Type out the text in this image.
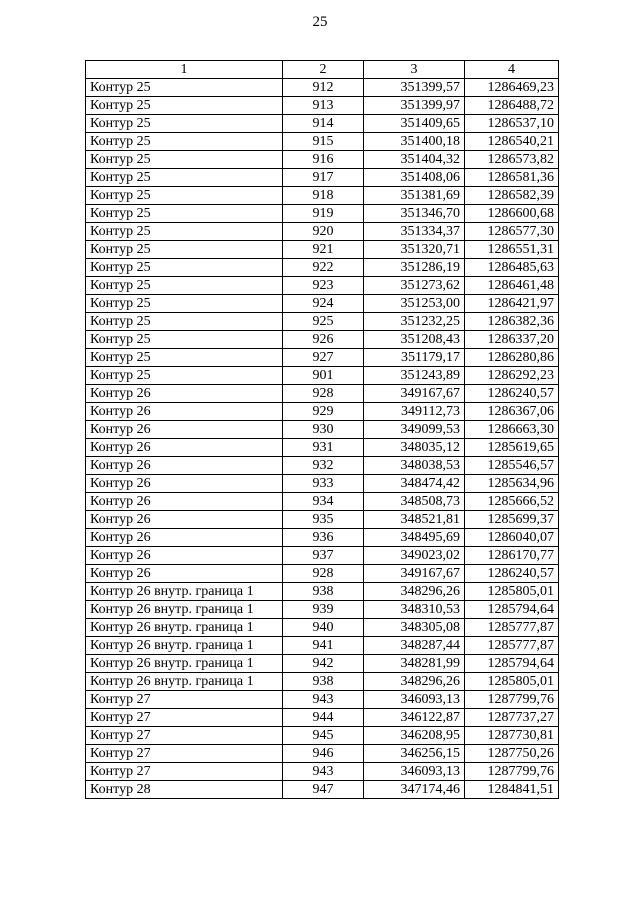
25
1	2	3	4
Контур 25	912	351399,57	1286469,23
Контур 25	913	351399,97	1286488,72
Контур 25	914	351409,65	1286537,10
Контур 25	915	351400,18	1286540,21
Контур 25	916	351404,32	1286573,82
Контур 25	917	351408,06	1286581,36
Контур 25	918	351381,69	1286582,39
Контур 25	919	351346,70	1286600,68
Контур 25	920	351334,37	1286577,30
Контур 25	921	351320,71	1286551,31
Контур 25	922	351286,19	1286485,63
Контур 25	923	351273,62	1286461,48
Контур 25	924	351253,00	1286421,97
Контур 25	925	351232,25	1286382,36
Контур 25	926	351208,43	1286337,20
Контур 25	927	351179,17	1286280,86
Контур 25	901	351243,89	1286292,23
Контур 26	928	349167,67	1286240,57
Контур 26	929	349112,73	1286367,06
Контур 26	930	349099,53	1286663,30
Контур 26	931	348035,12	1285619,65
Контур 26	932	348038,53	1285546,57
Контур 26	933	348474,42	1285634,96
Контур 26	934	348508,73	1285666,52
Контур 26	935	348521,81	1285699,37
Контур 26	936	348495,69	1286040,07
Контур 26	937	349023,02	1286170,77
Контур 26	928	349167,67	1286240,57
Контур 26 внутр. граница 1	938	348296,26	1285805,01
Контур 26 внутр. граница 1	939	348310,53	1285794,64
Контур 26 внутр. граница 1	940	348305,08	1285777,87
Контур 26 внутр. граница 1	941	348287,44	1285777,87
Контур 26 внутр. граница 1	942	348281,99	1285794,64
Контур 26 внутр. граница 1	938	348296,26	1285805,01
Контур 27	943	346093,13	1287799,76
Контур 27	944	346122,87	1287737,27
Контур 27	945	346208,95	1287730,81
Контур 27	946	346256,15	1287750,26
Контур 27	943	346093,13	1287799,76
Контур 28	947	347174,46	1284841,51
